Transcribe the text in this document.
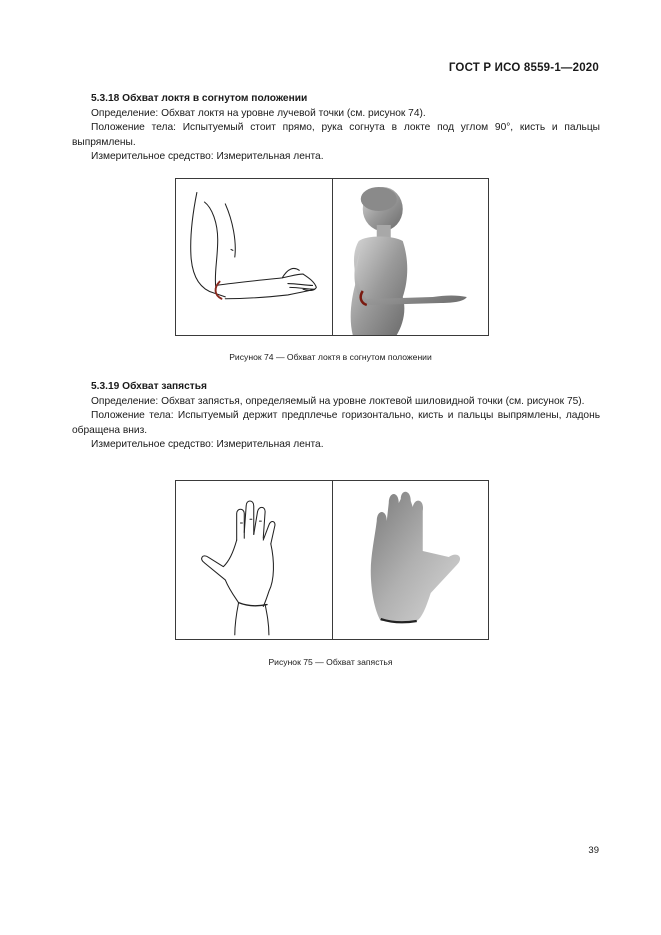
ГОСТ Р ИСО 8559-1—2020
5.3.18 Обхват локтя в согнутом положении

Определение: Обхват локтя на уровне лучевой точки (см. рисунок 74).

Положение тела: Испытуемый стоит прямо, рука согнута в локте под углом 90°, кисть и пальцы выпрямлены.

Измерительное средство: Измерительная лента.

Рисунок 74 — Обхват локтя в согнутом положении
5.3.19 Обхват запястья

Определение: Обхват запястья, определяемый на уровне локтевой шиловидной точки (см. рисунок 75).

Положение тела: Испытуемый держит предплечье горизонтально, кисть и пальцы выпрямлены, ладонь обращена вниз.

Измерительное средство: Измерительная лента.

Рисунок 75 — Обхват запястья
39
